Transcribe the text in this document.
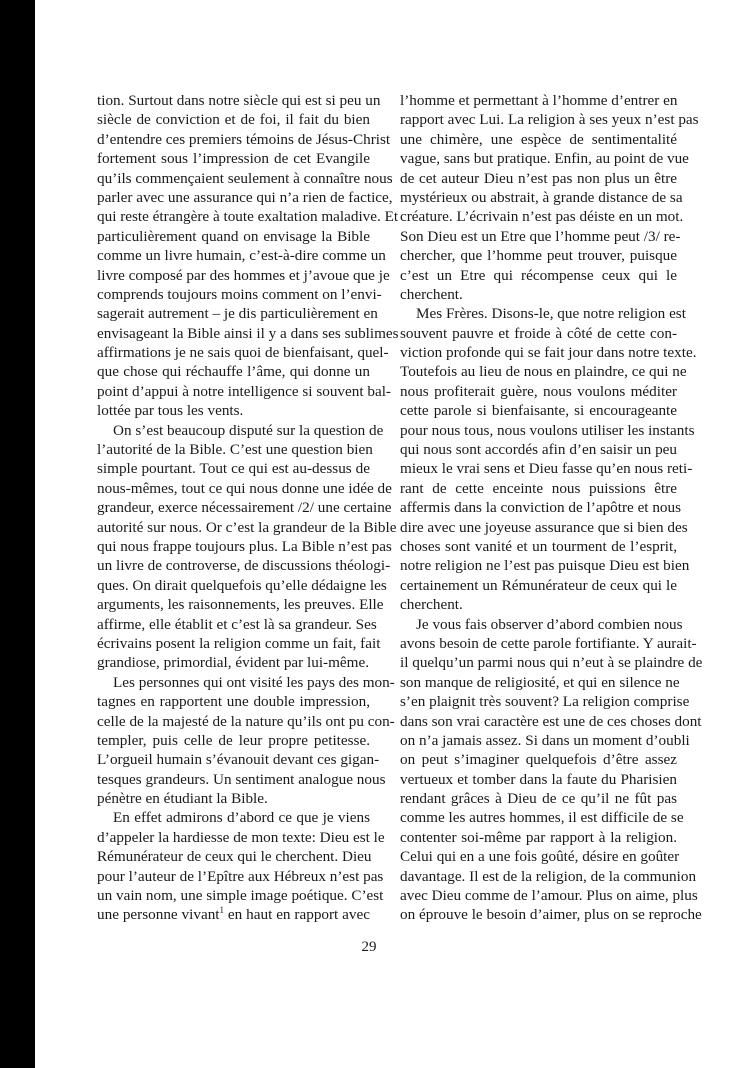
tion. Surtout dans notre siècle qui est si peu un
siècle de conviction et de foi, il fait du bien
d’entendre ces premiers témoins de Jésus-Christ
fortement sous l’impression de cet Evangile
qu’ils commençaient seulement à connaître nous
parler avec une assurance qui n’a rien de factice,
qui reste étrangère à toute exaltation maladive. Et
particulièrement quand on envisage la Bible
comme un livre humain, c’est-à-dire comme un
livre composé par des hommes et j’avoue que je
comprends toujours moins comment on l’envi-
sagerait autrement – je dis particulièrement en
envisageant la Bible ainsi il y a dans ses sublimes
affirmations je ne sais quoi de bienfaisant, quel-
que chose qui réchauffe l’âme, qui donne un
point d’appui à notre intelligence si souvent bal-
lottée par tous les vents.
On s’est beaucoup disputé sur la question de
l’autorité de la Bible. C’est une question bien
simple pourtant. Tout ce qui est au-dessus de
nous-mêmes, tout ce qui nous donne une idée de
grandeur, exerce nécessairement /2/ une certaine
autorité sur nous. Or c’est la grandeur de la Bible
qui nous frappe toujours plus. La Bible n’est pas
un livre de controverse, de discussions théologi-
ques. On dirait quelquefois qu’elle dédaigne les
arguments, les raisonnements, les preuves. Elle
affirme, elle établit et c’est là sa grandeur. Ses
écrivains posent la religion comme un fait, fait
grandiose, primordial, évident par lui-même.
Les personnes qui ont visité les pays des mon-
tagnes en rapportent une double impression,
celle de la majesté de la nature qu’ils ont pu con-
templer, puis celle de leur propre petitesse.
L’orgueil humain s’évanouit devant ces gigan-
tesques grandeurs. Un sentiment analogue nous
pénètre en étudiant la Bible.
En effet admirons d’abord ce que je viens
d’appeler la hardiesse de mon texte: Dieu est le
Rémunérateur de ceux qui le cherchent. Dieu
pour l’auteur de l’Epître aux Hébreux n’est pas
un vain nom, une simple image poétique. C’est
une personne vivant$^1$ en haut en rapport avec
l’homme et permettant à l’homme d’entrer en
rapport avec Lui. La religion à ses yeux n’est pas
une chimère, une espèce de sentimentalité
vague, sans but pratique. Enfin, au point de vue
de cet auteur Dieu n’est pas non plus un être
mystérieux ou abstrait, à grande distance de sa
créature. L’écrivain n’est pas déiste en un mot.
Son Dieu est un Etre que l’homme peut /3/ re-
chercher, que l’homme peut trouver, puisque
c’est un Etre qui récompense ceux qui le
cherchent.
Mes Frères. Disons-le, que notre religion est
souvent pauvre et froide à côté de cette con-
viction profonde qui se fait jour dans notre texte.
Toutefois au lieu de nous en plaindre, ce qui ne
nous profiterait guère, nous voulons méditer
cette parole si bienfaisante, si encourageante
pour nous tous, nous voulons utiliser les instants
qui nous sont accordés afin d’en saisir un peu
mieux le vrai sens et Dieu fasse qu’en nous reti-
rant de cette enceinte nous puissions être
affermis dans la conviction de l’apôtre et nous
dire avec une joyeuse assurance que si bien des
choses sont vanité et un tourment de l’esprit,
notre religion ne l’est pas puisque Dieu est bien
certainement un Rémunérateur de ceux qui le
cherchent.
Je vous fais observer d’abord combien nous
avons besoin de cette parole fortifiante. Y aurait-
il quelqu’un parmi nous qui n’eut à se plaindre de
son manque de religiosité, et qui en silence ne
s’en plaignit très souvent? La religion comprise
dans son vrai caractère est une de ces choses dont
on n’a jamais assez. Si dans un moment d’oubli
on peut s’imaginer quelquefois d’être assez
vertueux et tomber dans la faute du Pharisien
rendant grâces à Dieu de ce qu’il ne fût pas
comme les autres hommes, il est difficile de se
contenter soi-même par rapport à la religion.
Celui qui en a une fois goûté, désire en goûter
davantage. Il est de la religion, de la communion
avec Dieu comme de l’amour. Plus on aime, plus
on éprouve le besoin d’aimer, plus on se reproche
29
